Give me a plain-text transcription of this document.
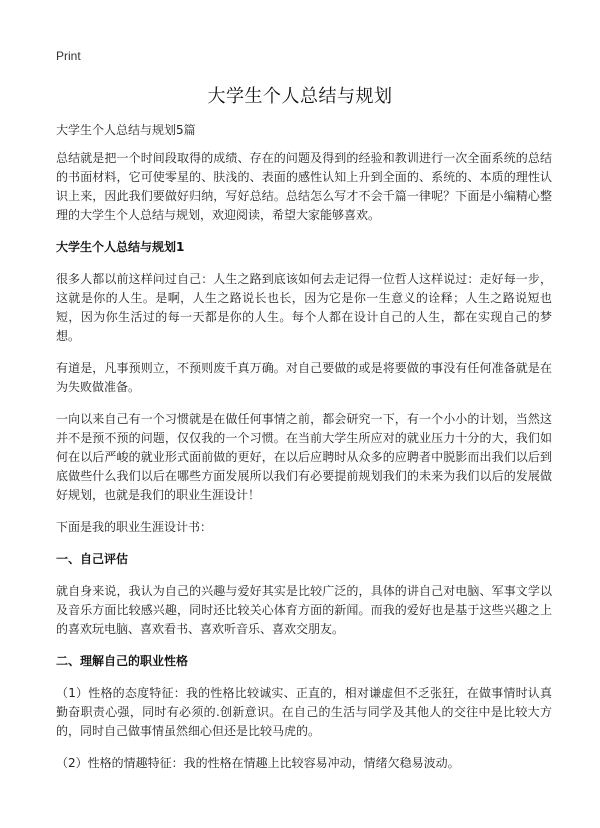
Print
大学生个人总结与规划

大学生个人总结与规划5篇

总结就是把一个时间段取得的成绩、存在的问题及得到的经验和教训进行一次全面系统的总结的书面材料，它可使零星的、肤浅的、表面的感性认知上升到全面的、系统的、本质的理性认识上来，因此我们要做好归纳，写好总结。总结怎么写才不会千篇一律呢？下面是小编精心整理的大学生个人总结与规划，欢迎阅读，希望大家能够喜欢。

大学生个人总结与规划1

很多人都以前这样问过自己：人生之路到底该如何去走记得一位哲人这样说过：走好每一步，这就是你的人生。是啊，人生之路说长也长，因为它是你一生意义的诠释；人生之路说短也短，因为你生活过的每一天都是你的人生。每个人都在设计自己的人生，都在实现自己的梦想。

有道是，凡事预则立，不预则废千真万确。对自己要做的或是将要做的事没有任何准备就是在为失败做准备。

一向以来自己有一个习惯就是在做任何事情之前，都会研究一下，有一个小小的计划，当然这并不是预不预的问题，仅仅我的一个习惯。在当前大学生所应对的就业压力十分的大，我们如何在以后严峻的就业形式面前做的更好，在以后应聘时从众多的应聘者中脱影而出我们以后到底做些什么我们以后在哪些方面发展所以我们有必要提前规划我们的未来为我们以后的发展做好规划，也就是我们的职业生涯设计！

下面是我的职业生涯设计书：

一、自己评估

就自身来说，我认为自己的兴趣与爱好其实是比较广泛的，具体的讲自己对电脑、军事文学以及音乐方面比较感兴趣，同时还比较关心体育方面的新闻。而我的爱好也是基于这些兴趣之上的喜欢玩电脑、喜欢看书、喜欢听音乐、喜欢交朋友。

二、理解自己的职业性格

（1）性格的态度特征：我的性格比较诚实、正直的，相对谦虚但不乏张狂，在做事情时认真勤奋职责心强，同时有必须的.创新意识。在自己的生活与同学及其他人的交往中是比较大方的，同时自己做事情虽然细心但还是比较马虎的。

（2）性格的情趣特征：我的性格在情趣上比较容易冲动，情绪欠稳易波动。
